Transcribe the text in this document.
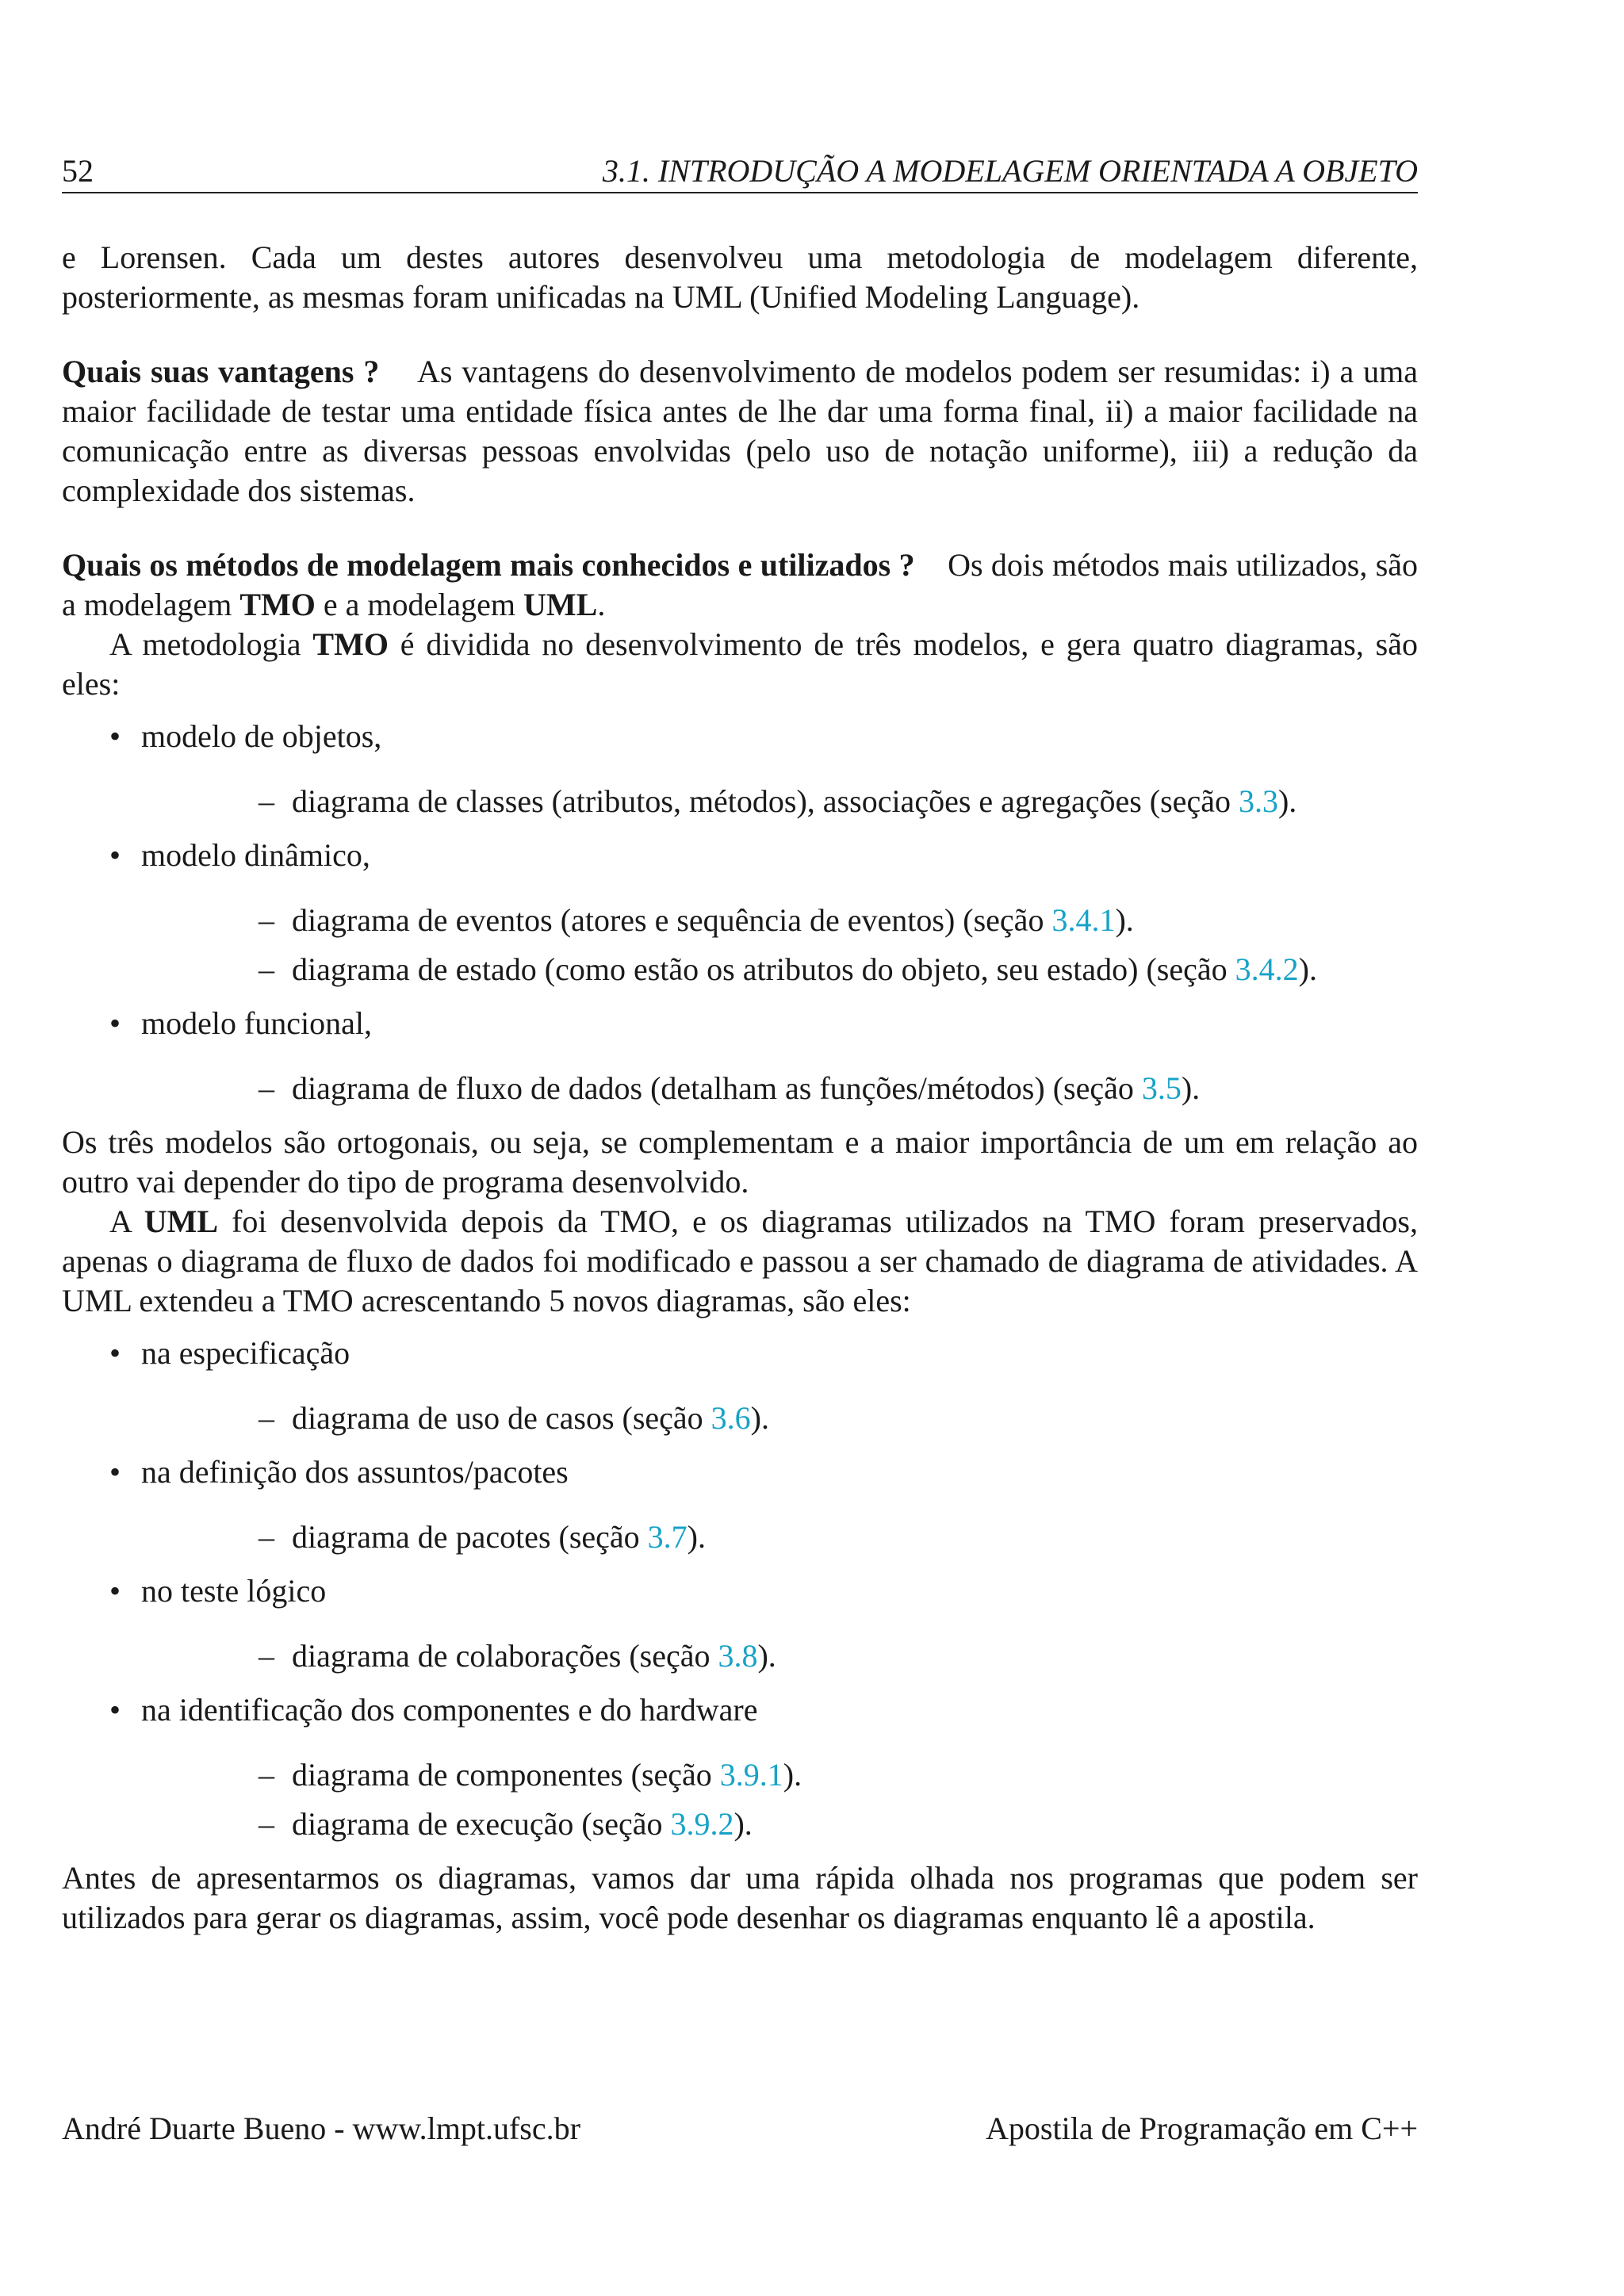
52	3.1. INTRODUÇÃO A MODELAGEM ORIENTADA A OBJETO

e Lorensen. Cada um destes autores desenvolveu uma metodologia de modelagem diferente, posteriormente, as mesmas foram unificadas na UML (Unified Modeling Language).

Quais suas vantagens ? As vantagens do desenvolvimento de modelos podem ser resumidas: i) a uma maior facilidade de testar uma entidade física antes de lhe dar uma forma final, ii) a maior facilidade na comunicação entre as diversas pessoas envolvidas (pelo uso de notação uniforme), iii) a redução da complexidade dos sistemas.

Quais os métodos de modelagem mais conhecidos e utilizados ? Os dois métodos mais utilizados, são a modelagem TMO e a modelagem UML.

A metodologia TMO é dividida no desenvolvimento de três modelos, e gera quatro diagramas, são eles:

• modelo de objetos,
– diagrama de classes (atributos, métodos), associações e agregações (seção 3.3).
• modelo dinâmico,
– diagrama de eventos (atores e sequência de eventos) (seção 3.4.1).
– diagrama de estado (como estão os atributos do objeto, seu estado) (seção 3.4.2).
• modelo funcional,
– diagrama de fluxo de dados (detalham as funções/métodos) (seção 3.5).

Os três modelos são ortogonais, ou seja, se complementam e a maior importância de um em relação ao outro vai depender do tipo de programa desenvolvido.

A UML foi desenvolvida depois da TMO, e os diagramas utilizados na TMO foram preservados, apenas o diagrama de fluxo de dados foi modificado e passou a ser chamado de diagrama de atividades. A UML extendeu a TMO acrescentando 5 novos diagramas, são eles:

• na especificação
– diagrama de uso de casos (seção 3.6).
• na definição dos assuntos/pacotes
– diagrama de pacotes (seção 3.7).
• no teste lógico
– diagrama de colaborações (seção 3.8).
• na identificação dos componentes e do hardware
– diagrama de componentes (seção 3.9.1).
– diagrama de execução (seção 3.9.2).

Antes de apresentarmos os diagramas, vamos dar uma rápida olhada nos programas que podem ser utilizados para gerar os diagramas, assim, você pode desenhar os diagramas enquanto lê a apostila.

André Duarte Bueno - www.lmpt.ufsc.br	Apostila de Programação em C++
